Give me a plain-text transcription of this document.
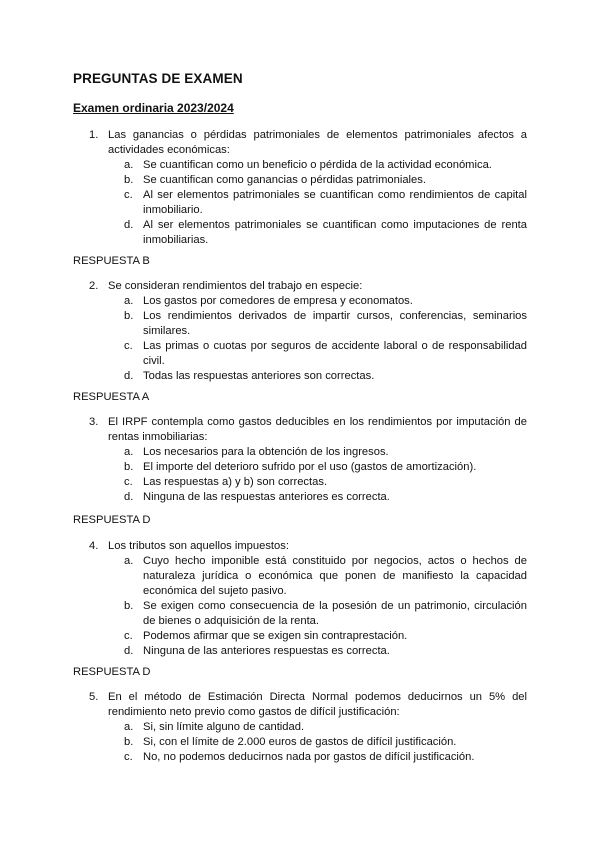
PREGUNTAS DE EXAMEN
Examen ordinaria 2023/2024
1. Las ganancias o pérdidas patrimoniales de elementos patrimoniales afectos a actividades económicas:
a. Se cuantifican como un beneficio o pérdida de la actividad económica.
b. Se cuantifican como ganancias o pérdidas patrimoniales.
c. Al ser elementos patrimoniales se cuantifican como rendimientos de capital inmobiliario.
d. Al ser elementos patrimoniales se cuantifican como imputaciones de renta inmobiliarias.

RESPUESTA B

2. Se consideran rendimientos del trabajo en especie:
a. Los gastos por comedores de empresa y economatos.
b. Los rendimientos derivados de impartir cursos, conferencias, seminarios similares.
c. Las primas o cuotas por seguros de accidente laboral o de responsabilidad civil.
d. Todas las respuestas anteriores son correctas.

RESPUESTA A

3. El IRPF contempla como gastos deducibles en los rendimientos por imputación de rentas inmobiliarias:
a. Los necesarios para la obtención de los ingresos.
b. El importe del deterioro sufrido por el uso (gastos de amortización).
c. Las respuestas a) y b) son correctas.
d. Ninguna de las respuestas anteriores es correcta.

RESPUESTA D

4. Los tributos son aquellos impuestos:
a. Cuyo hecho imponible está constituido por negocios, actos o hechos de naturaleza jurídica o económica que ponen de manifiesto la capacidad económica del sujeto pasivo.
b. Se exigen como consecuencia de la posesión de un patrimonio, circulación de bienes o adquisición de la renta.
c. Podemos afirmar que se exigen sin contraprestación.
d. Ninguna de las anteriores respuestas es correcta.

RESPUESTA D

5. En el método de Estimación Directa Normal podemos deducirnos un 5% del rendimiento neto previo como gastos de difícil justificación:
a. Si, sin límite alguno de cantidad.
b. Si, con el límite de 2.000 euros de gastos de difícil justificación.
c. No, no podemos deducirnos nada por gastos de difícil justificación.
